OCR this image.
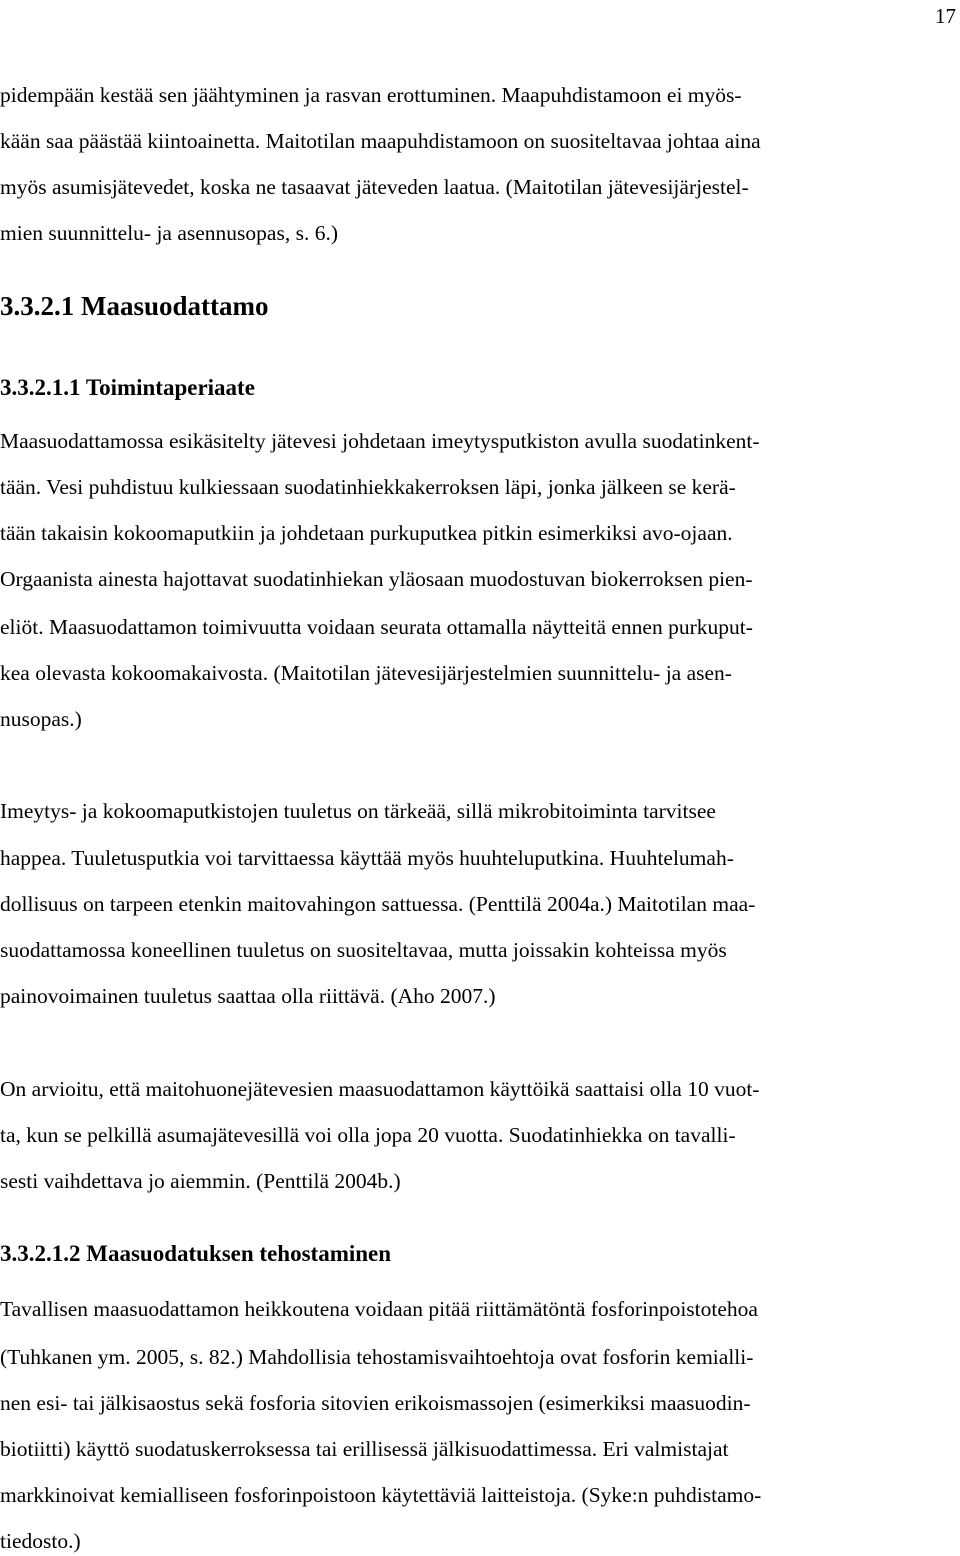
17
pidempään kestää sen jäähtyminen ja rasvan erottuminen. Maapuhdistamoon ei myös-
kään saa päästää kiintoainetta. Maitotilan maapuhdistamoon on suositeltavaa johtaa aina
myös asumisjätevedet, koska ne tasaavat jäteveden laatua. (Maitotilan jätevesijärjestel-
mien suunnittelu- ja asennusopas, s. 6.)
3.3.2.1 Maasuodattamo
3.3.2.1.1 Toimintaperiaate
Maasuodattamossa esikäsitelty jätevesi johdetaan imeytysputkiston avulla suodatinkent-
tään. Vesi puhdistuu kulkiessaan suodatinhiekkakerroksen läpi, jonka jälkeen se kerä-
tään takaisin kokoomaputkiin ja johdetaan purkuputkea pitkin esimerkiksi avo-ojaan.
Orgaanista ainesta hajottavat suodatinhiekan yläosaan muodostuvan biokerroksen pien-
eliöt. Maasuodattamon toimivuutta voidaan seurata ottamalla näytteitä ennen purkuput-
kea olevasta kokoomakaivosta. (Maitotilan jätevesijärjestelmien suunnittelu- ja asen-
nusopas.)
Imeytys- ja kokoomaputkistojen tuuletus on tärkeää, sillä mikrobitoiminta tarvitsee
happea. Tuuletusputkia voi tarvittaessa käyttää myös huuhteluputkina. Huuhtelumah-
dollisuus on tarpeen etenkin maitovahingon sattuessa. (Penttilä 2004a.) Maitotilan maa-
suodattamossa koneellinen tuuletus on suositeltavaa, mutta joissakin kohteissa myös
painovoimainen tuuletus saattaa olla riittävä. (Aho 2007.)
On arvioitu, että maitohuonejätevesien maasuodattamon käyttöikä saattaisi olla 10 vuot-
ta, kun se pelkillä asumajätevesillä voi olla jopa 20 vuotta. Suodatinhiekka on tavalli-
sesti vaihdettava jo aiemmin. (Penttilä 2004b.)
3.3.2.1.2 Maasuodatuksen tehostaminen
Tavallisen maasuodattamon heikkoutena voidaan pitää riittämätöntä fosforinpoistotehoa
(Tuhkanen ym. 2005, s. 82.) Mahdollisia tehostamisvaihtoehtoja ovat fosforin kemialli-
nen esi- tai jälkisaostus sekä fosforia sitovien erikoismassojen (esimerkiksi maasuodin-
biotiitti) käyttö suodatuskerroksessa tai erillisessä jälkisuodattimessa. Eri valmistajat
markkinoivat kemialliseen fosforinpoistoon käytettäviä laitteistoja. (Syke:n puhdistamo-
tiedosto.)
